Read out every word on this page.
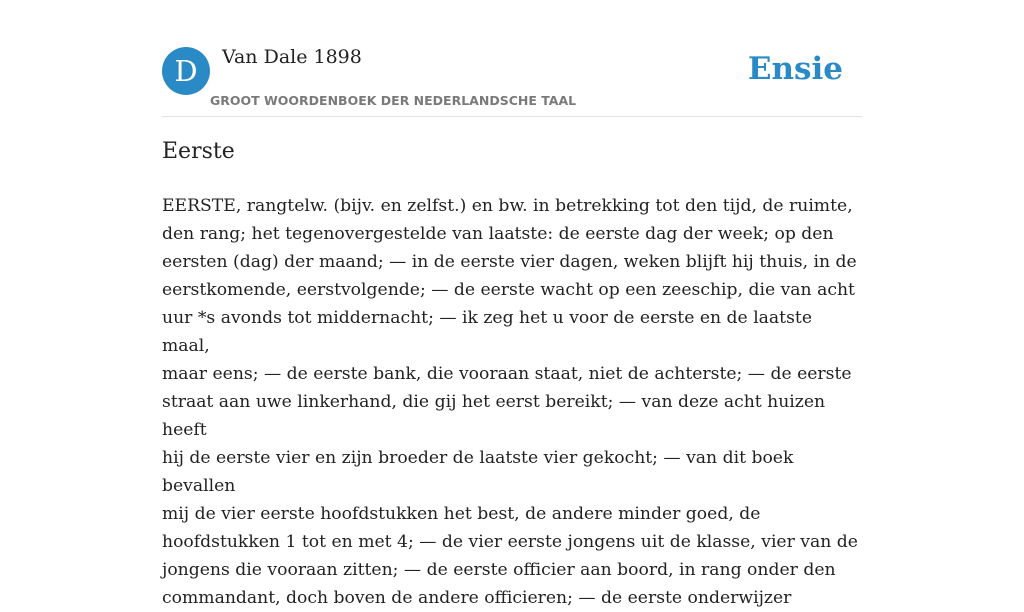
D	Van Dale 1898
GROOT WOORDENBOEK DER NEDERLANDSCHE TAAL
Ensie
Eerste

EERSTE, rangtelw. (bijv. en zelfst.) en bw. in betrekking tot den tijd, de ruimte,
den rang; het tegenovergestelde van laatste: de eerste dag der week; op den
eersten (dag) der maand; — in de eerste vier dagen, weken blijft hij thuis, in de
eerstkomende, eerstvolgende; — de eerste wacht op een zeeschip, die van acht
uur *s avonds tot middernacht; — ik zeg het u voor de eerste en de laatste maal,
maar eens; — de eerste bank, die vooraan staat, niet de achterste; — de eerste
straat aan uwe linkerhand, die gij het eerst bereikt; — van deze acht huizen heeft
hij de eerste vier en zijn broeder de laatste vier gekocht; — van dit boek bevallen
mij de vier eerste hoofdstukken het best, de andere minder goed, de
hoofdstukken 1 tot en met 4; — de vier eerste jongens uit de klasse, vier van de
jongens die vooraan zitten; — de eerste officier aan boord, in rang onder den
commandant, doch boven de andere officieren; — de eerste onderwijzer
